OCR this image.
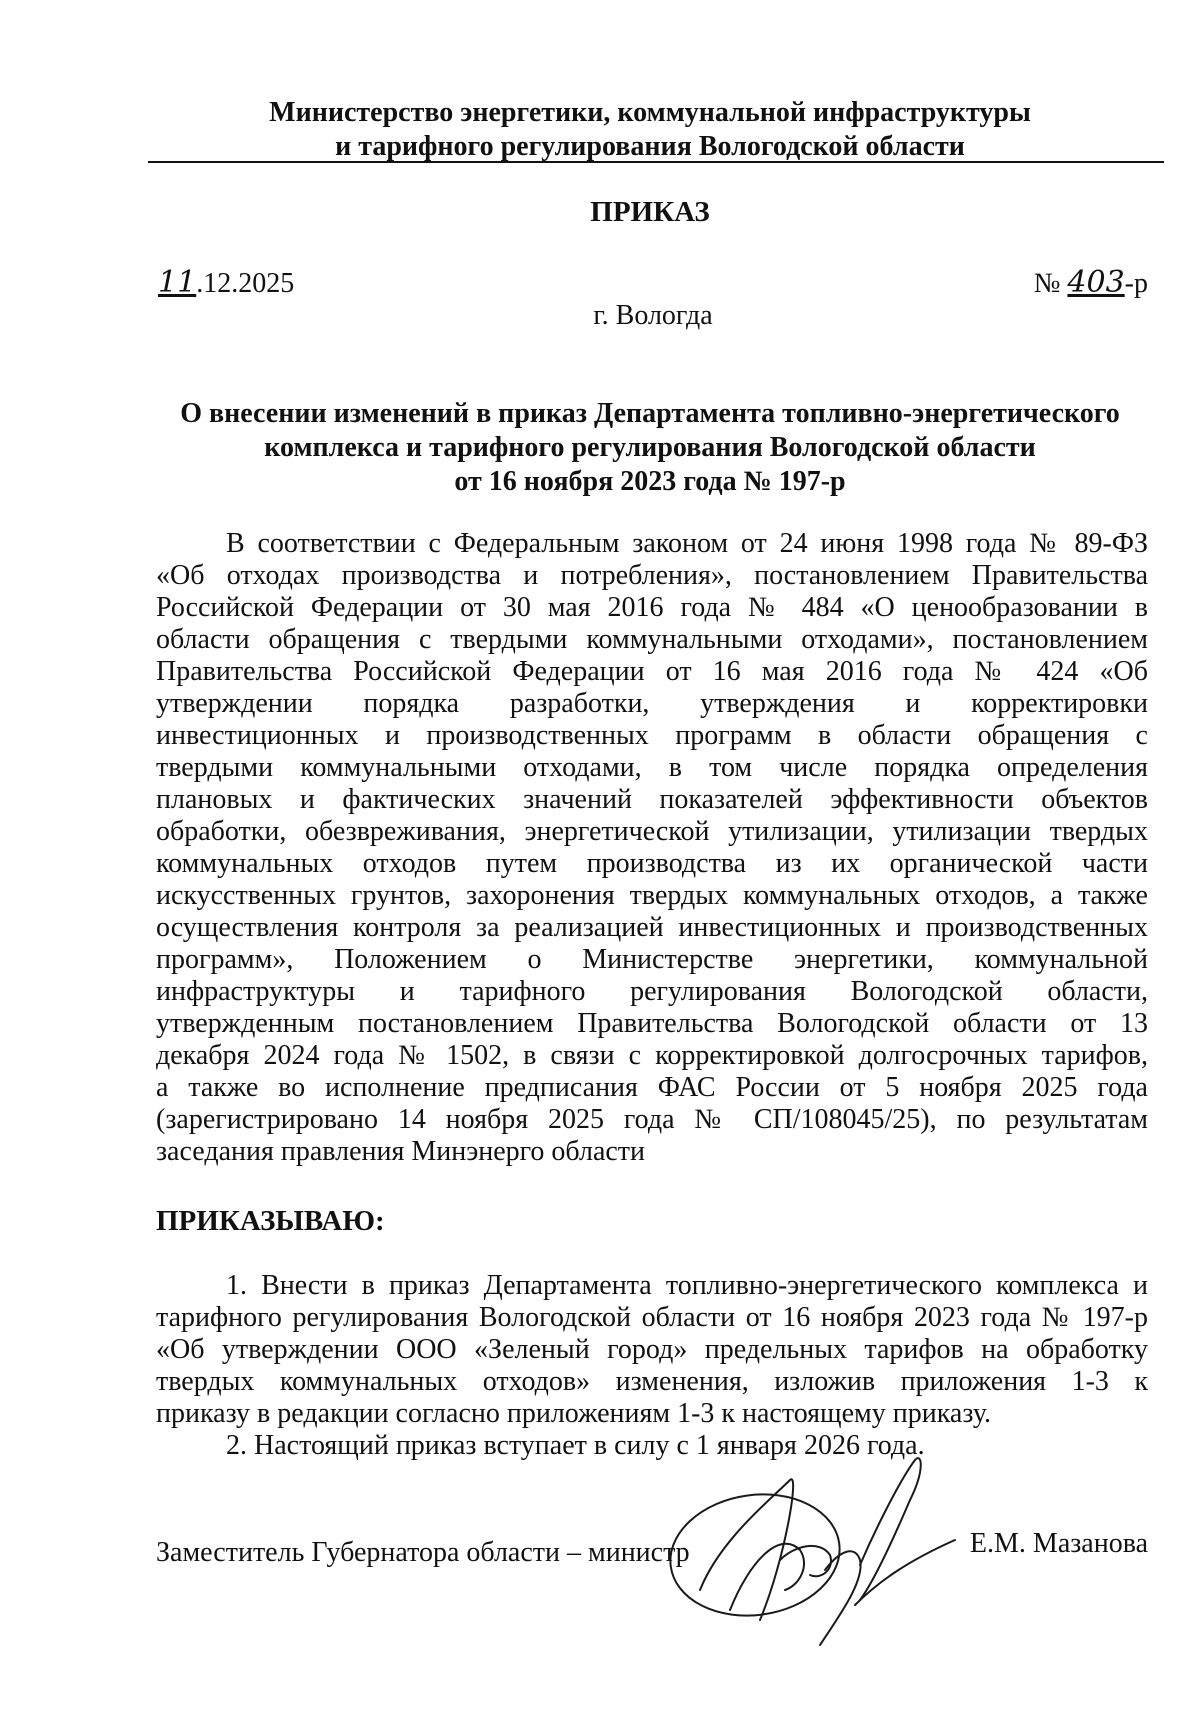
Министерство энергетики, коммунальной инфраструктуры
и тарифного регулирования Вологодской области
ПРИКАЗ
11.12.2025	№ 403-р
г. Вологда
О внесении изменений в приказ Департамента топливно-энергетического
комплекса и тарифного регулирования Вологодской области
от 16 ноября 2023 года № 197-р
В соответствии с Федеральным законом от 24 июня 1998 года № 89-ФЗ
«Об отходах производства и потребления», постановлением Правительства
Российской Федерации от 30 мая 2016 года № 484 «О ценообразовании в
области обращения с твердыми коммунальными отходами», постановлением
Правительства Российской Федерации от 16 мая 2016 года № 424 «Об
утверждении порядка разработки, утверждения и корректировки
инвестиционных и производственных программ в области обращения с
твердыми коммунальными отходами, в том числе порядка определения
плановых и фактических значений показателей эффективности объектов
обработки, обезвреживания, энергетической утилизации, утилизации твердых
коммунальных отходов путем производства из их органической части
искусственных грунтов, захоронения твердых коммунальных отходов, а также
осуществления контроля за реализацией инвестиционных и производственных
программ», Положением о Министерстве энергетики, коммунальной
инфраструктуры и тарифного регулирования Вологодской области,
утвержденным постановлением Правительства Вологодской области от 13
декабря 2024 года № 1502, в связи с корректировкой долгосрочных тарифов,
а также во исполнение предписания ФАС России от 5 ноября 2025 года
(зарегистрировано 14 ноября 2025 года № СП/108045/25), по результатам
заседания правления Минэнерго области
ПРИКАЗЫВАЮ:
1. Внести в приказ Департамента топливно-энергетического комплекса и
тарифного регулирования Вологодской области от 16 ноября 2023 года № 197-р
«Об утверждении ООО «Зеленый город» предельных тарифов на обработку
твердых коммунальных отходов» изменения, изложив приложения 1-3 к
приказу в редакции согласно приложениям 1-3 к настоящему приказу.
2. Настоящий приказ вступает в силу с 1 января 2026 года.
Заместитель Губернатора области – министр	Е.М. Мазанова
